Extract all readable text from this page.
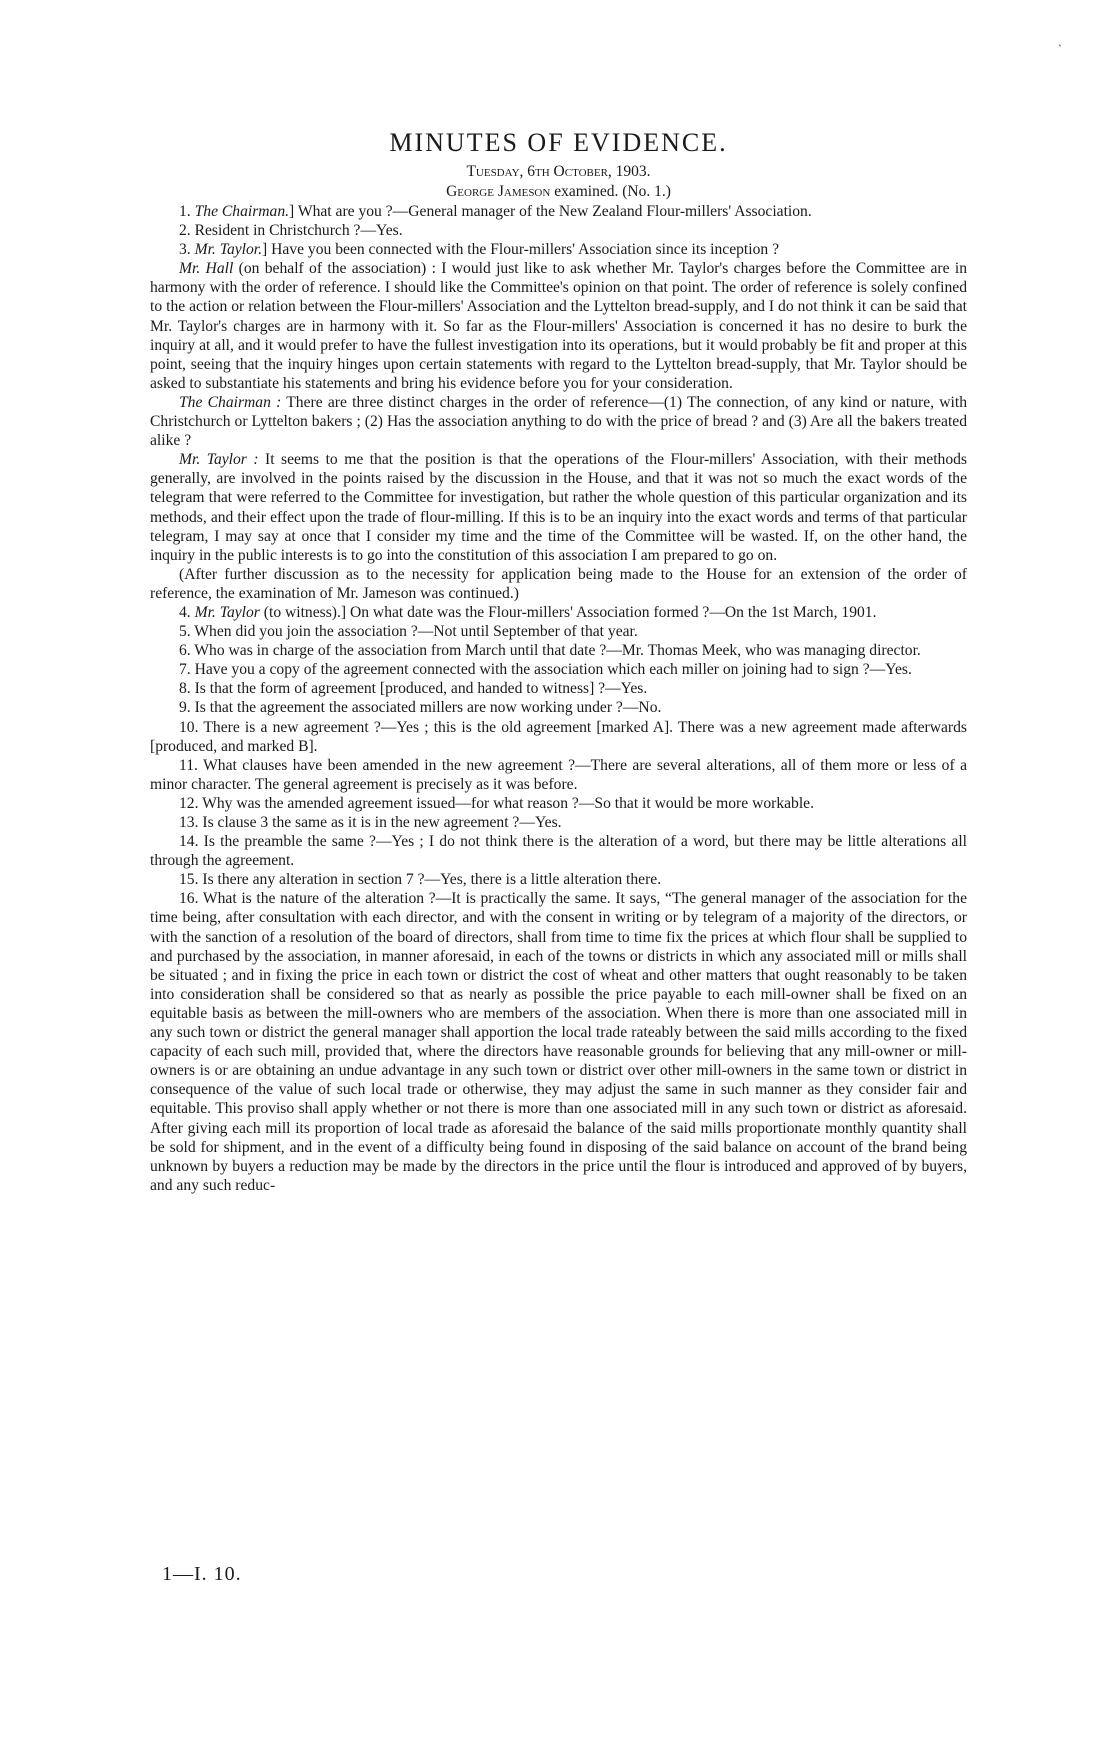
`
MINUTES OF EVIDENCE.

Tuesday, 6th October, 1903.

George Jameson examined. (No. 1.)

1. The Chairman.] What are you ?—General manager of the New Zealand Flour-millers' Association.

2. Resident in Christchurch ?—Yes.

3. Mr. Taylor.] Have you been connected with the Flour-millers' Association since its inception ?

Mr. Hall (on behalf of the association) : I would just like to ask whether Mr. Taylor's charges before the Committee are in harmony with the order of reference. I should like the Committee's opinion on that point. The order of reference is solely confined to the action or relation between the Flour-millers' Association and the Lyttelton bread-supply, and I do not think it can be said that Mr. Taylor's charges are in harmony with it. So far as the Flour-millers' Association is concerned it has no desire to burk the inquiry at all, and it would prefer to have the fullest investigation into its operations, but it would probably be fit and proper at this point, seeing that the inquiry hinges upon certain statements with regard to the Lyttelton bread-supply, that Mr. Taylor should be asked to substantiate his statements and bring his evidence before you for your consideration.

The Chairman : There are three distinct charges in the order of reference—(1) The connection, of any kind or nature, with Christchurch or Lyttelton bakers ; (2) Has the association anything to do with the price of bread ? and (3) Are all the bakers treated alike ?

Mr. Taylor : It seems to me that the position is that the operations of the Flour-millers' Association, with their methods generally, are involved in the points raised by the discussion in the House, and that it was not so much the exact words of the telegram that were referred to the Committee for investigation, but rather the whole question of this particular organization and its methods, and their effect upon the trade of flour-milling. If this is to be an inquiry into the exact words and terms of that particular telegram, I may say at once that I consider my time and the time of the Committee will be wasted. If, on the other hand, the inquiry in the public interests is to go into the constitution of this association I am prepared to go on.

(After further discussion as to the necessity for application being made to the House for an extension of the order of reference, the examination of Mr. Jameson was continued.)

4. Mr. Taylor (to witness).] On what date was the Flour-millers' Association formed ?—On the 1st March, 1901.

5. When did you join the association ?—Not until September of that year.

6. Who was in charge of the association from March until that date ?—Mr. Thomas Meek, who was managing director.

7. Have you a copy of the agreement connected with the association which each miller on joining had to sign ?—Yes.

8. Is that the form of agreement [produced, and handed to witness] ?—Yes.

9. Is that the agreement the associated millers are now working under ?—No.

10. There is a new agreement ?—Yes ; this is the old agreement [marked A]. There was a new agreement made afterwards [produced, and marked B].

11. What clauses have been amended in the new agreement ?—There are several alterations, all of them more or less of a minor character. The general agreement is precisely as it was before.

12. Why was the amended agreement issued—for what reason ?—So that it would be more workable.

13. Is clause 3 the same as it is in the new agreement ?—Yes.

14. Is the preamble the same ?—Yes ; I do not think there is the alteration of a word, but there may be little alterations all through the agreement.

15. Is there any alteration in section 7 ?—Yes, there is a little alteration there.

16. What is the nature of the alteration ?—It is practically the same. It says, “The general manager of the association for the time being, after consultation with each director, and with the consent in writing or by telegram of a majority of the directors, or with the sanction of a resolution of the board of directors, shall from time to time fix the prices at which flour shall be supplied to and purchased by the association, in manner aforesaid, in each of the towns or districts in which any associated mill or mills shall be situated ; and in fixing the price in each town or district the cost of wheat and other matters that ought reasonably to be taken into consideration shall be considered so that as nearly as possible the price payable to each mill-owner shall be fixed on an equitable basis as between the mill-owners who are members of the association. When there is more than one associated mill in any such town or district the general manager shall apportion the local trade rateably between the said mills according to the fixed capacity of each such mill, provided that, where the directors have reasonable grounds for believing that any mill-owner or mill-owners is or are obtaining an undue advantage in any such town or district over other mill-owners in the same town or district in consequence of the value of such local trade or otherwise, they may adjust the same in such manner as they consider fair and equitable. This proviso shall apply whether or not there is more than one associated mill in any such town or district as aforesaid. After giving each mill its proportion of local trade as aforesaid the balance of the said mills proportionate monthly quantity shall be sold for shipment, and in the event of a difficulty being found in disposing of the said balance on account of the brand being unknown by buyers a reduction may be made by the directors in the price until the flour is introduced and approved of by buyers, and any such reduc-

1—I. 10.
